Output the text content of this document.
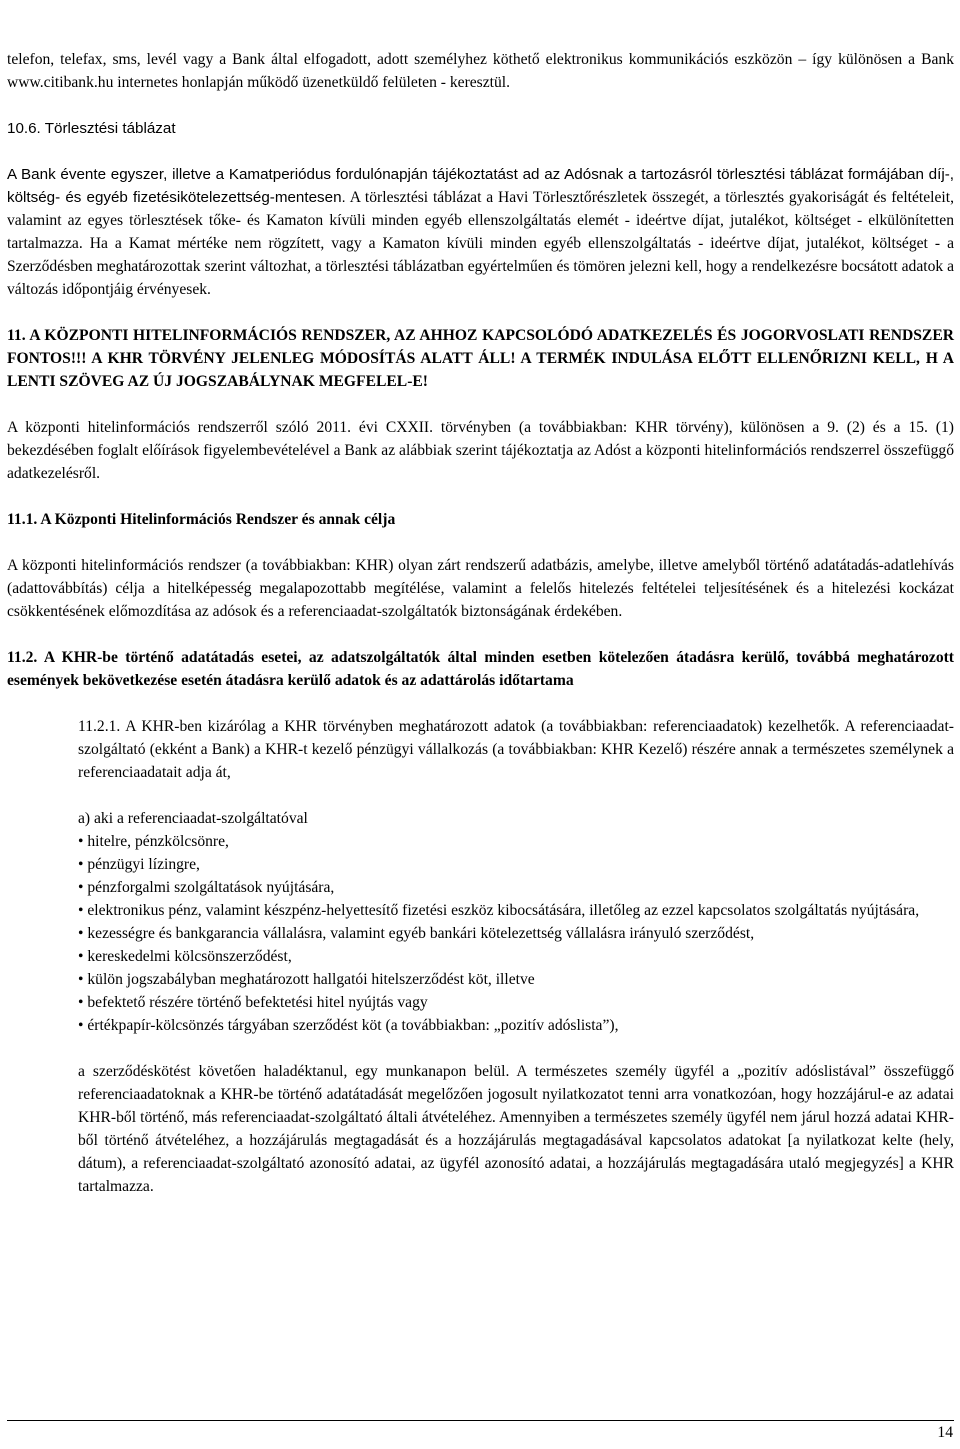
telefon, telefax, sms, levél vagy a Bank által elfogadott, adott személyhez köthető elektronikus kommunikációs eszközön – így különösen a Bank www.citibank.hu internetes honlapján működő üzenetküldő felületen - keresztül.

10.6. Törlesztési táblázat

A Bank évente egyszer, illetve a Kamatperiódus fordulónapján tájékoztatást ad az Adósnak a tartozásról törlesztési táblázat formájában díj-, költség- és egyéb fizetésikötelezettség-mentesen. A törlesztési táblázat a Havi Törlesztőrészletek összegét, a törlesztés gyakoriságát és feltételeit, valamint az egyes törlesztések tőke- és Kamaton kívüli minden egyéb ellenszolgáltatás elemét - ideértve díjat, jutalékot, költséget - elkülönítetten tartalmazza. Ha a Kamat mértéke nem rögzített, vagy a Kamaton kívüli minden egyéb ellenszolgáltatás - ideértve díjat, jutalékot, költséget - a Szerződésben meghatározottak szerint változhat, a törlesztési táblázatban egyértelműen és tömören jelezni kell, hogy a rendelkezésre bocsátott adatok a változás időpontjáig érvényesek.

11. A KÖZPONTI HITELINFORMÁCIÓS RENDSZER, AZ AHHOZ KAPCSOLÓDÓ ADATKEZELÉS ÉS JOGORVOSLATI RENDSZER FONTOS!!! A KHR TÖRVÉNY JELENLEG MÓDOSÍTÁS ALATT ÁLL! A TERMÉK INDULÁSA ELŐTT ELLENŐRIZNI KELL, H A LENTI SZÖVEG AZ ÚJ JOGSZABÁLYNAK MEGFELEL-E!

A központi hitelinformációs rendszerről szóló 2011. évi CXXII. törvényben (a továbbiakban: KHR törvény), különösen a 9. (2) és a 15. (1) bekezdésében foglalt előírások figyelembevételével a Bank az alábbiak szerint tájékoztatja az Adóst a központi hitelinformációs rendszerrel összefüggő adatkezelésről.

11.1. A Központi Hitelinformációs Rendszer és annak célja

A központi hitelinformációs rendszer (a továbbiakban: KHR) olyan zárt rendszerű adatbázis, amelybe, illetve amelyből történő adatátadás-adatlehívás (adattovábbítás) célja a hitelképesség megalapozottabb megítélése, valamint a felelős hitelezés feltételei teljesítésének és a hitelezési kockázat csökkentésének előmozdítása az adósok és a referenciaadat-szolgáltatók biztonságának érdekében.

11.2. A KHR-be történő adatátadás esetei, az adatszolgáltatók által minden esetben kötelezően átadásra kerülő, továbbá meghatározott események bekövetkezése esetén átadásra kerülő adatok és az adattárolás időtartama

11.2.1. A KHR-ben kizárólag a KHR törvényben meghatározott adatok (a továbbiakban: referenciaadatok) kezelhetők. A referenciaadat-szolgáltató (ekként a Bank) a KHR-t kezelő pénzügyi vállalkozás (a továbbiakban: KHR Kezelő) részére annak a természetes személynek a referenciaadatait adja át,

a) aki a referenciaadat-szolgáltatóval
• hitelre, pénzkölcsönre,
• pénzügyi lízingre,
• pénzforgalmi szolgáltatások nyújtására,
• elektronikus pénz, valamint készpénz-helyettesítő fizetési eszköz kibocsátására, illetőleg az ezzel kapcsolatos szolgáltatás nyújtására,
• kezességre és bankgarancia vállalásra, valamint egyéb bankári kötelezettség vállalásra irányuló szerződést,
• kereskedelmi kölcsönszerződést,
• külön jogszabályban meghatározott hallgatói hitelszerződést köt, illetve
• befektető részére történő befektetési hitel nyújtás vagy
• értékpapír-kölcsönzés tárgyában szerződést köt (a továbbiakban: „pozitív adóslista”),

a szerződéskötést követően haladéktanul, egy munkanapon belül. A természetes személy ügyfél a „pozitív adóslistával” összefüggő referenciaadatoknak a KHR-be történő adatátadását megelőzően jogosult nyilatkozatot tenni arra vonatkozóan, hogy hozzájárul-e az adatai KHR-ből történő, más referenciaadat-szolgáltató általi átvételéhez. Amennyiben a természetes személy ügyfél nem járul hozzá adatai KHR-ből történő átvételéhez, a hozzájárulás megtagadását és a hozzájárulás megtagadásával kapcsolatos adatokat [a nyilatkozat kelte (hely, dátum), a referenciaadat-szolgáltató azonosító adatai, az ügyfél azonosító adatai, a hozzájárulás megtagadására utaló megjegyzés] a KHR tartalmazza.

14
